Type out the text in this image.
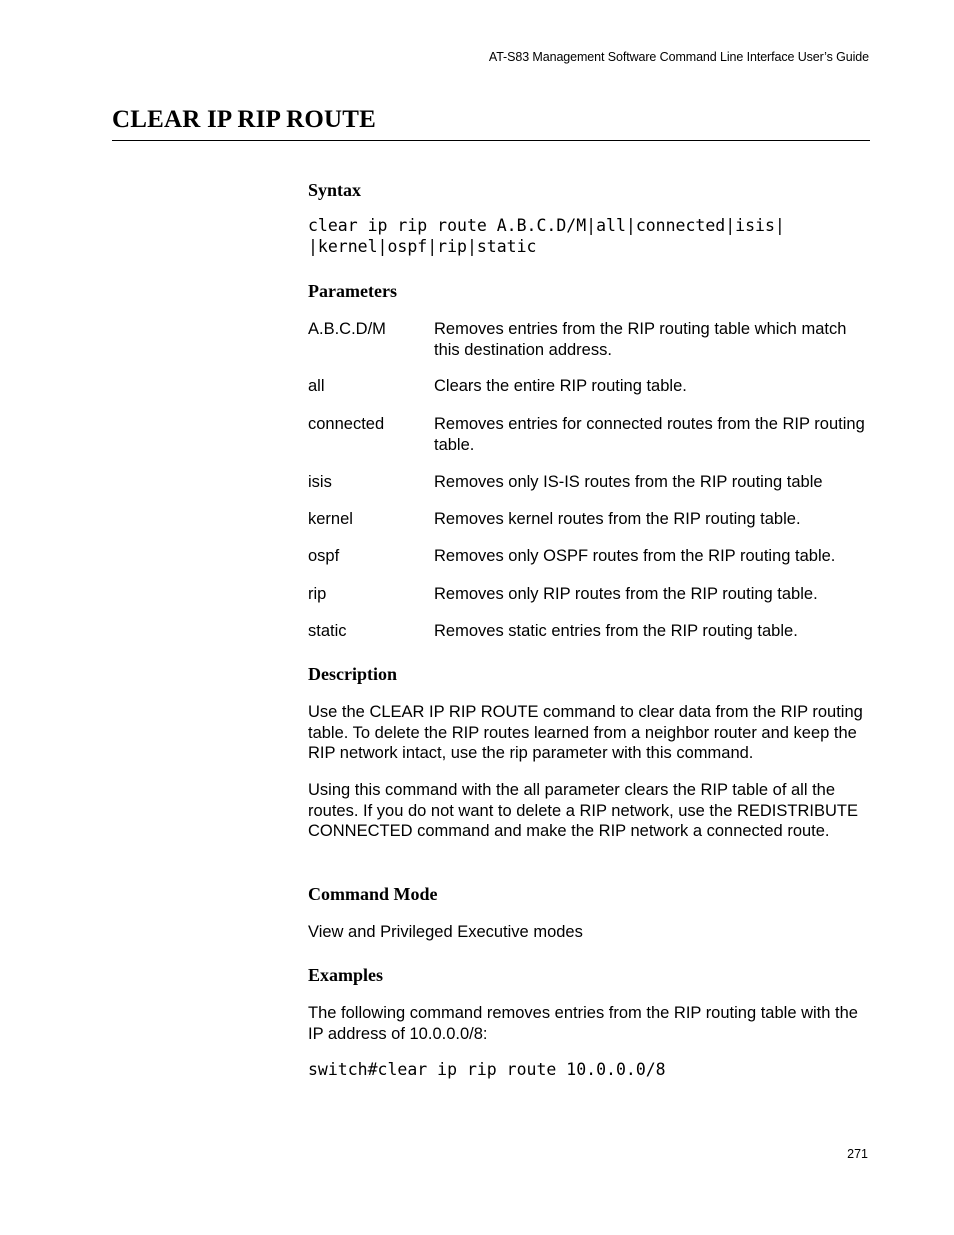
AT-S83 Management Software Command Line Interface User’s Guide
CLEAR IP RIP ROUTE
Syntax
clear ip rip route A.B.C.D/M|all|connected|isis|
|kernel|ospf|rip|static
Parameters
A.B.C.D/M	Removes entries from the RIP routing table which match this destination address.
all	Clears the entire RIP routing table.
connected	Removes entries for connected routes from the RIP routing table.
isis	Removes only IS-IS routes from the RIP routing table
kernel	Removes kernel routes from the RIP routing table.
ospf	Removes only OSPF routes from the RIP routing table.
rip	Removes only RIP routes from the RIP routing table.
static	Removes static entries from the RIP routing table.
Description

Use the CLEAR IP RIP ROUTE command to clear data from the RIP routing table. To delete the RIP routes learned from a neighbor router and keep the RIP network intact, use the rip parameter with this command.

Using this command with the all parameter clears the RIP table of all the routes. If you do not want to delete a RIP network, use the REDISTRIBUTE CONNECTED command and make the RIP network a connected route.

Command Mode

View and Privileged Executive modes

Examples

The following command removes entries from the RIP routing table with the IP address of 10.0.0.0/8:

switch#clear ip rip route 10.0.0.0/8
271
